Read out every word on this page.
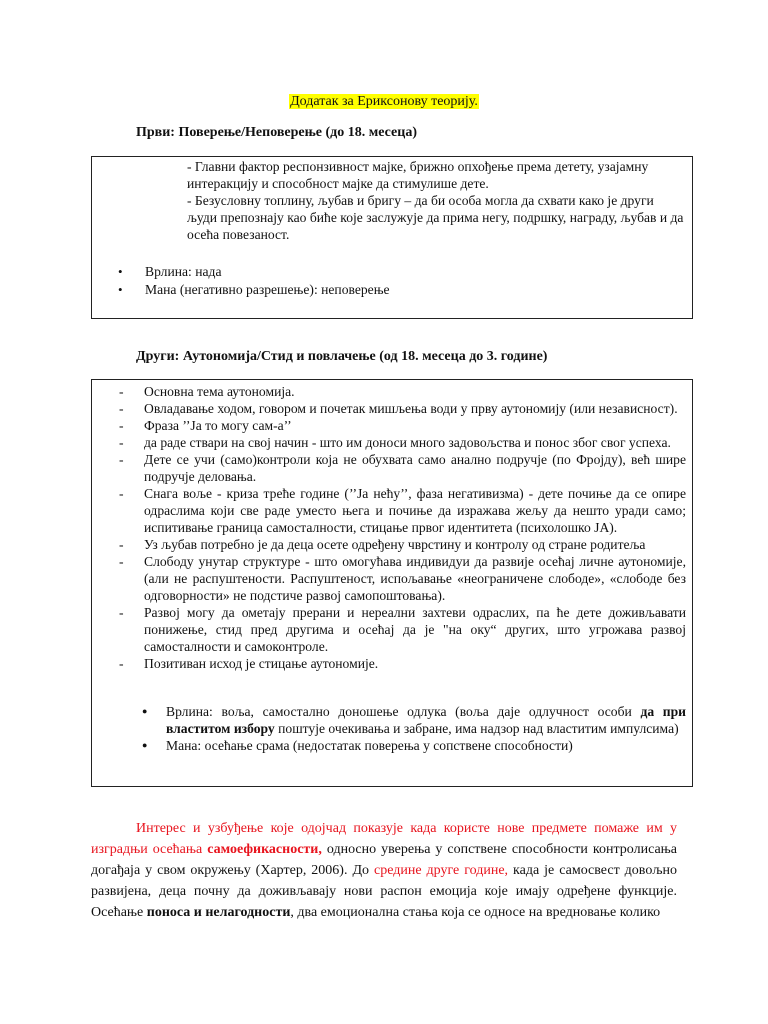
Додатак за Ериксонову теорију.
Први: Поверење/Неповерење (до 18. месеца)

- Главни фактор респонзивност мајке, брижно опхођење према детету, узајамну интеракцију и способност мајке да стимулише дете.

- Безусловну топлину, љубав и бригу – да би особа могла да схвати како је други људи препознају као биће које заслужује да прима негу, подршку, награду, љубав и да осећа повезаност.

• Врлина: нада
• Мана (негативно разрешење): неповерење
Други: Аутономија/Стид и повлачење (од 18. месеца до 3. године)
- Основна тема аутономија.
- Овладавање ходом, говором и почетак мишљења води у прву аутономију (или независност).
- Фраза ’’Ја то могу сам-а’’
- да раде ствари на свој начин - што им доноси много задовољства и понос због свог успеха.
- Дете се учи (само)контроли која не обухвата само анално подручје (по Фројду), већ шире подручје деловања.
- Снага воље - криза треће године (’’Ја нећу’’, фаза негативизма) - дете почиње да се опире одраслима који све раде уместо њега и почиње да изражава жељу да нешто уради само; испитивање граница самосталности, стицање првог идентитета (психолошко ЈА).
- Уз љубав потребно је да деца осете одређену чврстину и контролу од стране родитеља
- Слободу унутар структуре - што омогућава индивидуи да развије осећај личне аутономије, (али не распуштености. Распуштеност, испољавање «неограничене слободе», «слободе без одговорности» не подстиче развој самопоштовања).
- Развој могу да ометају прерани и нереални захтеви одраслих, па ће дете доживљавати понижење, стид пред другима и осећај да је "на оку“ других, што угрожава развој самосталности и самоконтроле.
- Позитиван исход је стицање аутономије.
● Врлина: воља, самостално доношење одлука (воља даје одлучност особи да при властитом избору поштује очекивања и забране, има надзор над властитим импулсима)
● Мана: осећање срама (недостатак поверења у сопствене способности)

Интерес и узбуђење које одојчад показује када користе нове предмете помаже им у изградњи осећања самоефикасности, односно уверења у сопствене способности контролисања догађаја у свом окружењу (Хартер, 2006). До средине друге године, када је самосвест довољно развијена, деца почну да доживљавају нови распон емоција које имају одређене функције. Осећање поноса и нелагодности, два емоционална стања која се односе на вредновање колико
